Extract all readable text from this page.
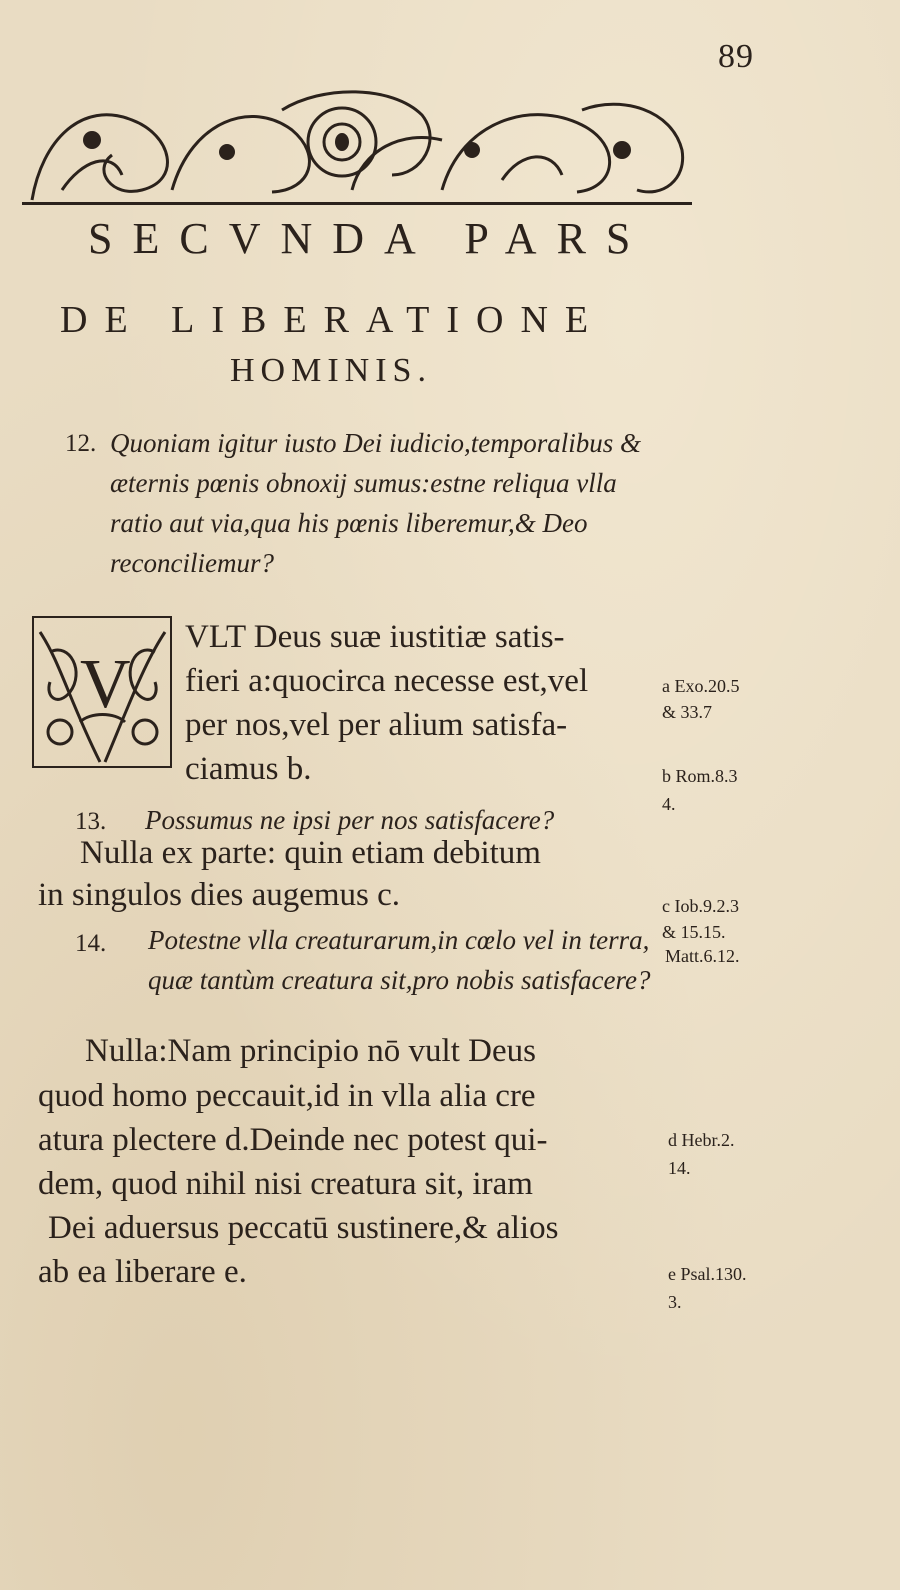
89
SECVNDA PARS
DE LIBERATIONE
HOMINIS.
12. Quoniam igitur iusto Dei iudicio,temporalibus & æternis pœnis obnoxij sumus:estne reliqua vlla ratio aut via,qua his pœnis liberemur,& Deo reconciliemur?
V
VLT Deus suæ iustitiæ satis-
fieri a:quocirca necesse est,vel
per nos,vel per alium satisfa-
ciamus b.
13. Possumus ne ipsi per nos satisfacere?
Nulla ex parte: quin etiam debitum
in singulos dies augemus c.
14. Potestne vlla creaturarum,in cœlo vel in terra, quæ tantùm creatura sit,pro nobis satisfacere?
Nulla:Nam principio nō vult Deus
quod homo peccauit,id in vlla alia cre
atura plectere d.Deinde nec potest qui-
dem, quod nihil nisi creatura sit, iram
Dei aduersus peccatū sustinere,& alios
ab ea liberare e.
a Exo.20.5
& 33.7
b Rom.8.3
4.
c Iob.9.2.3
& 15.15.
Matt.6.12.
d Hebr.2.
14.
e Psal.130.
3.
